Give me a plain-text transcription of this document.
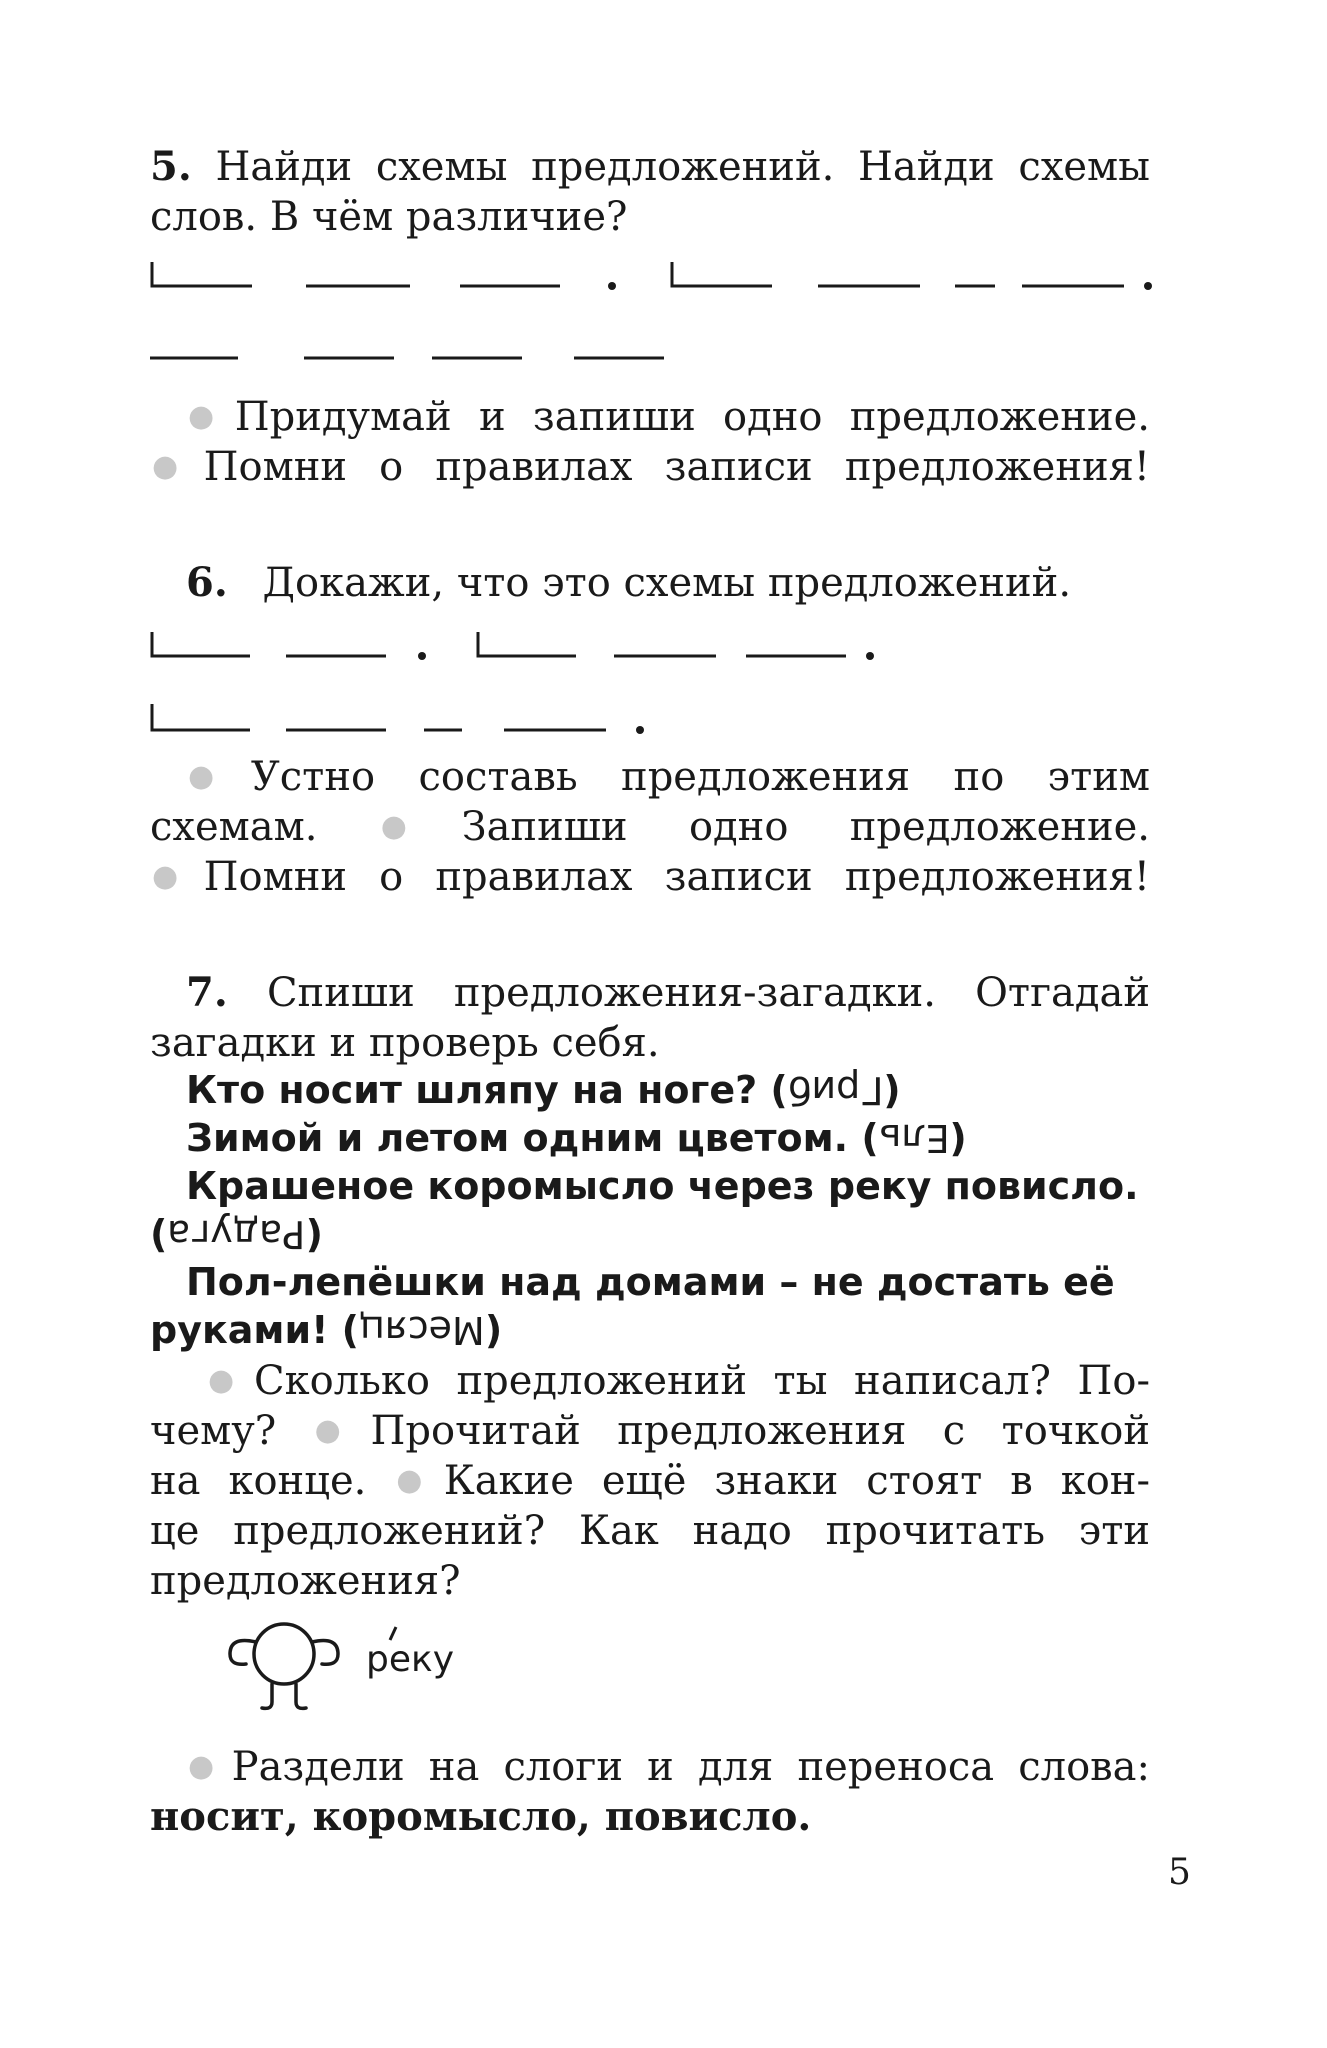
5. Найди схемы предложений. Найди схемы
слов. В чём различие?
● Придумай и запиши одно предложение.
● Помни о правилах записи предложения!
6. Докажи, что это схемы предложений.
● Устно составь предложения по этим
схемам. ● Запиши одно предложение.
● Помни о правилах записи предложения!
7. Спиши предложения-загадки. Отгадай
загадки и проверь себя.
Кто носит шляпу на ноге? (Гриб)
Зимой и летом одним цветом. (Ель)
Крашеное коромысло через реку повисло.
(Радуга)
Пол-лепёшки над домами – не достать её
руками! (Месяц)
● Сколько предложений ты написал? По-
чему? ● Прочитай предложения с точкой
на конце. ● Какие ещё знаки стоят в кон-
це предложений? Как надо прочитать эти
предложения?
реку
● Раздели на слоги и для переноса слова:
носит, коромысло, повисло.
5
